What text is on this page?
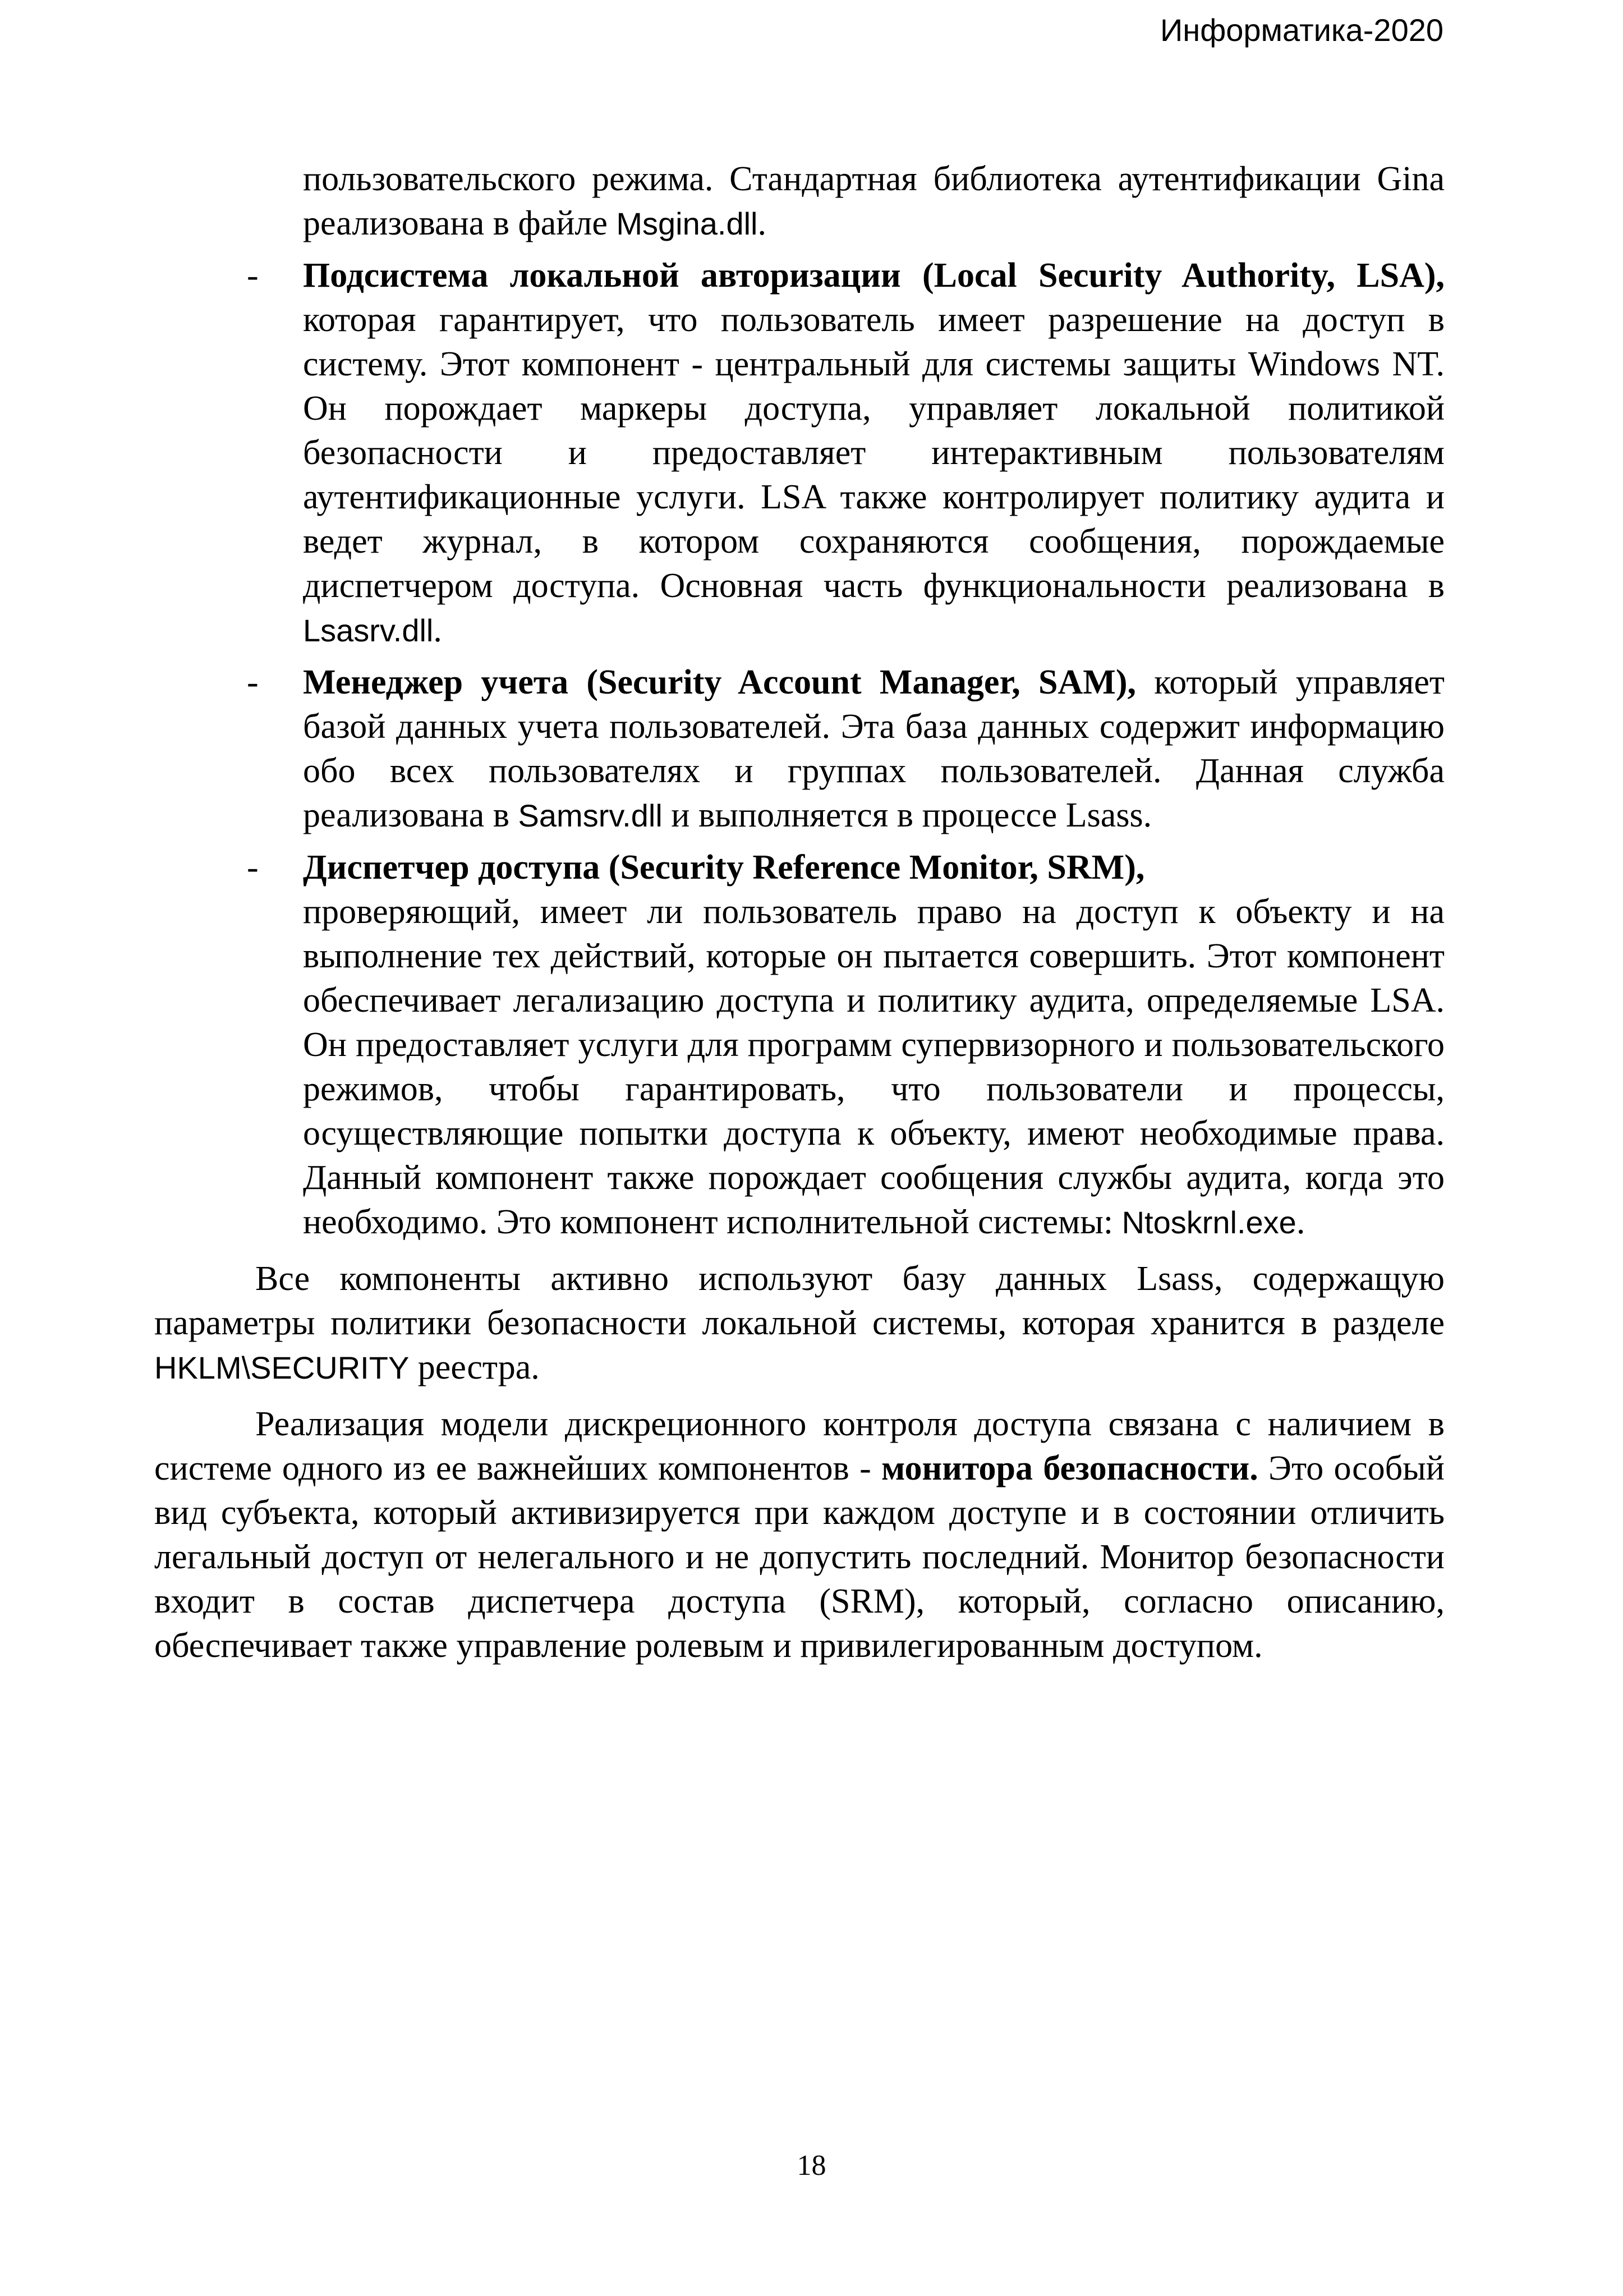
Информатика-2020

пользовательского режима. Стандартная библиотека аутентификации Gina реализована в файле Msgina.dll.

- Подсистема локальной авторизации (Local Security Authority, LSA), которая гарантирует, что пользователь имеет разрешение на доступ в систему. Этот компонент - центральный для системы защиты Windows NT. Он порождает маркеры доступа, управляет локальной политикой безопасности и предоставляет интерактивным пользователям аутентификационные услуги. LSA также контролирует политику аудита и ведет журнал, в котором сохраняются сообщения, порождаемые диспетчером доступа. Основная часть функциональности реализована в Lsasrv.dll.

- Менеджер учета (Security Account Manager, SAM), который управляет базой данных учета пользователей. Эта база данных содержит информацию обо всех пользователях и группах пользователей. Данная служба реализована в Samsrv.dll и выполняется в процессе Lsass.

- Диспетчер доступа (Security Reference Monitor, SRM),

проверяющий, имеет ли пользователь право на доступ к объекту и на выполнение тех действий, которые он пытается совершить. Этот компонент обеспечивает легализацию доступа и политику аудита, определяемые LSA. Он предоставляет услуги для программ супервизорного и пользовательского режимов, чтобы гарантировать, что пользователи и процессы, осуществляющие попытки доступа к объекту, имеют необходимые права. Данный компонент также порождает сообщения службы аудита, когда это необходимо. Это компонент исполнительной системы: Ntoskrnl.exe.

Все компоненты активно используют базу данных Lsass, содержащую параметры политики безопасности локальной системы, которая хранится в разделе HKLM\SECURITY реестра.

Реализация модели дискреционного контроля доступа связана с наличием в системе одного из ее важнейших компонентов - монитора безопасности. Это особый вид субъекта, который активизируется при каждом доступе и в состоянии отличить легальный доступ от нелегального и не допустить последний. Монитор безопасности входит в состав диспетчера доступа (SRM), который, согласно описанию, обеспечивает также управление ролевым и привилегированным доступом.

18
